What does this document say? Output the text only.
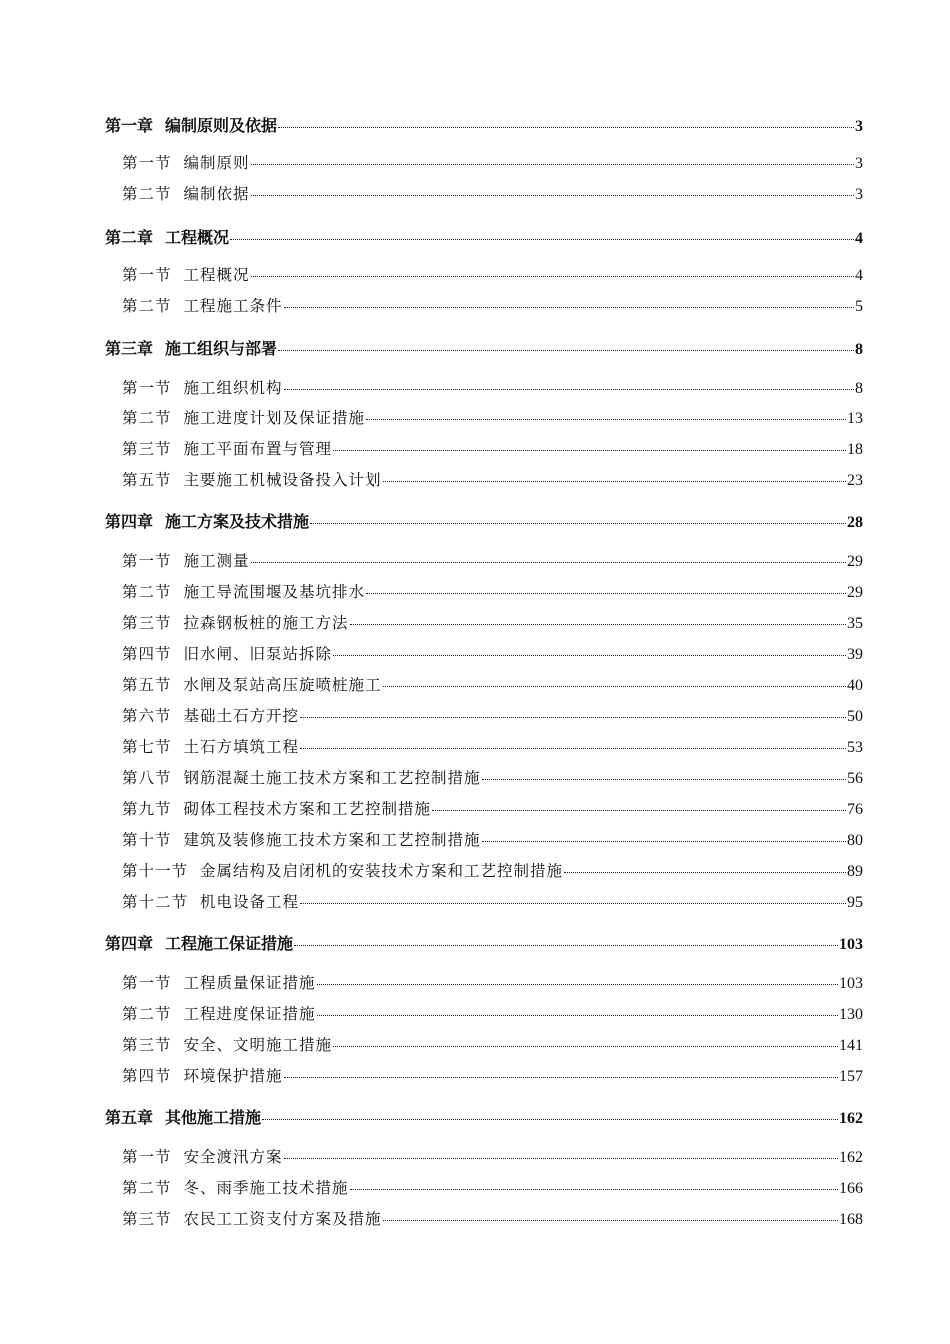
第一章 编制原则及依据	3
第一节 编制原则	3
第二节 编制依据	3
第二章 工程概况	4
第一节 工程概况	4
第二节 工程施工条件	5
第三章 施工组织与部署	8
第一节 施工组织机构	8
第二节 施工进度计划及保证措施	13
第三节 施工平面布置与管理	18
第五节 主要施工机械设备投入计划	23
第四章 施工方案及技术措施	28
第一节 施工测量	29
第二节 施工导流围堰及基坑排水	29
第三节 拉森钢板桩的施工方法	35
第四节 旧水闸、旧泵站拆除	39
第五节 水闸及泵站高压旋喷桩施工	40
第六节 基础土石方开挖	50
第七节 土石方填筑工程	53
第八节 钢筋混凝土施工技术方案和工艺控制措施	56
第九节 砌体工程技术方案和工艺控制措施	76
第十节 建筑及装修施工技术方案和工艺控制措施	80
第十一节 金属结构及启闭机的安装技术方案和工艺控制措施	89
第十二节 机电设备工程	95
第四章 工程施工保证措施	103
第一节 工程质量保证措施	103
第二节 工程进度保证措施	130
第三节 安全、文明施工措施	141
第四节 环境保护措施	157
第五章 其他施工措施	162
第一节 安全渡汛方案	162
第二节 冬、雨季施工技术措施	166
第三节 农民工工资支付方案及措施	168
